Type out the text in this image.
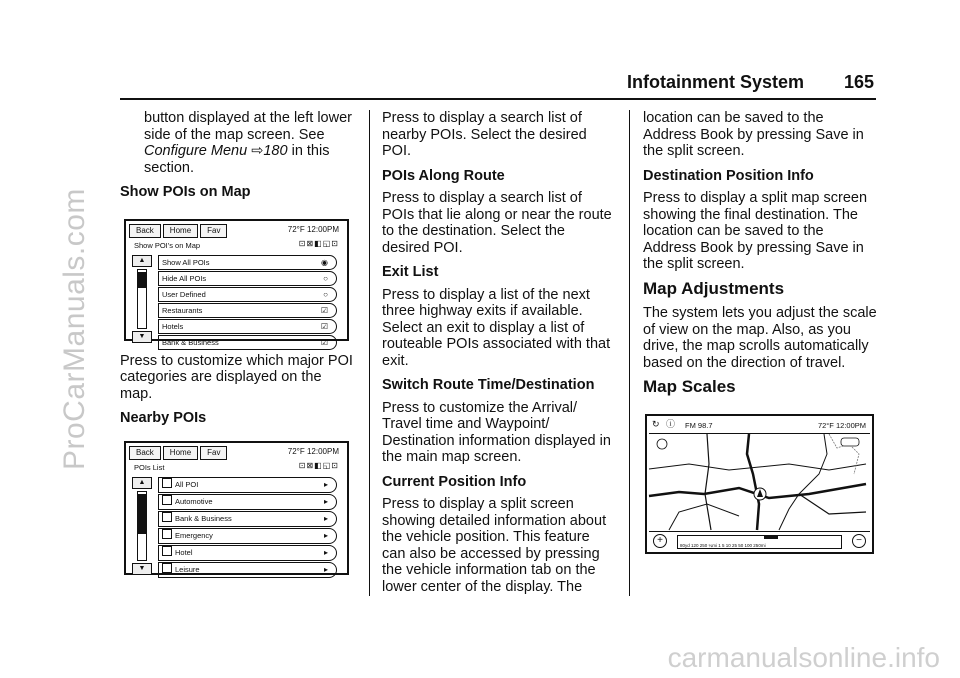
ProCarManuals.com
carmanualsonline.info
Infotainment System 165

button displayed at the left lower side of the map screen. See Configure Menu ⇨180 in this section.

Show POIs on Map
Back	Home	Fav	72°F 12:00PM
Show POI's on Map	⊡⊠◧◱⊡
▲
▼
Show All POIs	◉
Hide All POIs	○
User Defined	○
Restaurants	☑
Hotels	☑
Bank & Business	☑

Press to customize which major POI categories are displayed on the map.

Nearby POIs
Back	Home	Fav	72°F 12:00PM
POIs List	⊡⊠◧◱⊡
▲
▼
All POI	▸
Automotive	▸
Bank & Business	▸
Emergency	▸
Hotel	▸
Leisure	▸

Press to display a search list of nearby POIs. Select the desired POI.

POIs Along Route

Press to display a search list of POIs that lie along or near the route to the destination. Select the desired POI.

Exit List

Press to display a list of the next three highway exits if available. Select an exit to display a list of routeable POIs associated with that exit.

Switch Route Time/Destination

Press to customize the Arrival/ Travel time and Waypoint/ Destination information displayed in the main map screen.

Current Position Info

Press to display a split screen showing detailed information about the vehicle position. This feature can also be accessed by pressing the vehicle information tab on the lower center of the display. The

location can be saved to the Address Book by pressing Save in the split screen.

Destination Position Info

Press to display a split map screen showing the final destination. The location can be saved to the Address Book by pressing Save in the split screen.

Map Adjustments

The system lets you adjust the scale of view on the map. Also, as you drive, the map scrolls automatically based on the direction of travel.

Map Scales
↻ ⓘ FM 98.7	72°F 12:00PM
+	80yd 120 250 ¼mi 1 5 10 25 50 100 250mi	−
